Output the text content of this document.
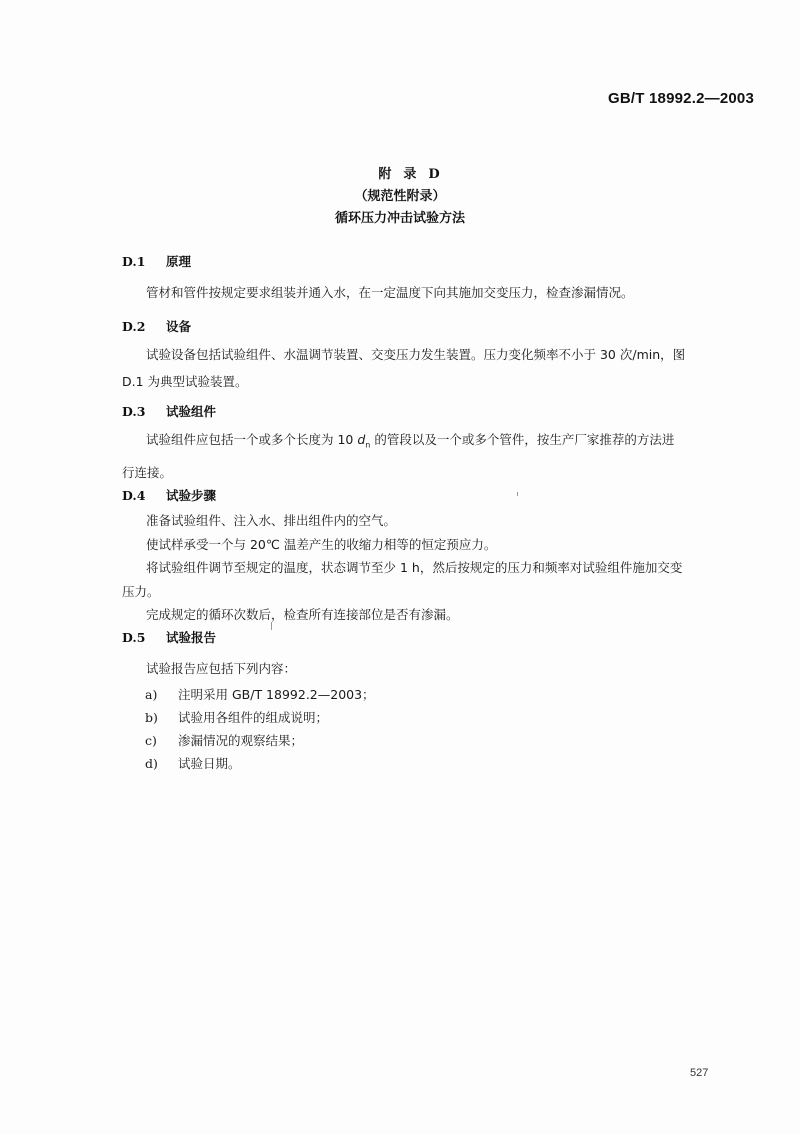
GB/T 18992.2—2003
附录D
（规范性附录）
循环压力冲击试验方法
D.1 原理
管材和管件按规定要求组装并通入水，在一定温度下向其施加交变压力，检查渗漏情况。
D.2 设备
试验设备包括试验组件、水温调节装置、交变压力发生装置。压力变化频率不小于 30 次/min，图
D.1 为典型试验装置。
D.3 试验组件
试验组件应包括一个或多个长度为 10 $d_n$ 的管段以及一个或多个管件，按生产厂家推荐的方法进
行连接。
D.4 试验步骤
准备试验组件、注入水、排出组件内的空气。
使试样承受一个与 20℃ 温差产生的收缩力相等的恒定预应力。
将试验组件调节至规定的温度，状态调节至少 1 h，然后按规定的压力和频率对试验组件施加交变
压力。
完成规定的循环次数后，检查所有连接部位是否有渗漏。
D.5 试验报告
试验报告应包括下列内容：
a) 注明采用 GB/T 18992.2—2003；
b) 试验用各组件的组成说明；
c) 渗漏情况的观察结果；
d) 试验日期。
527
